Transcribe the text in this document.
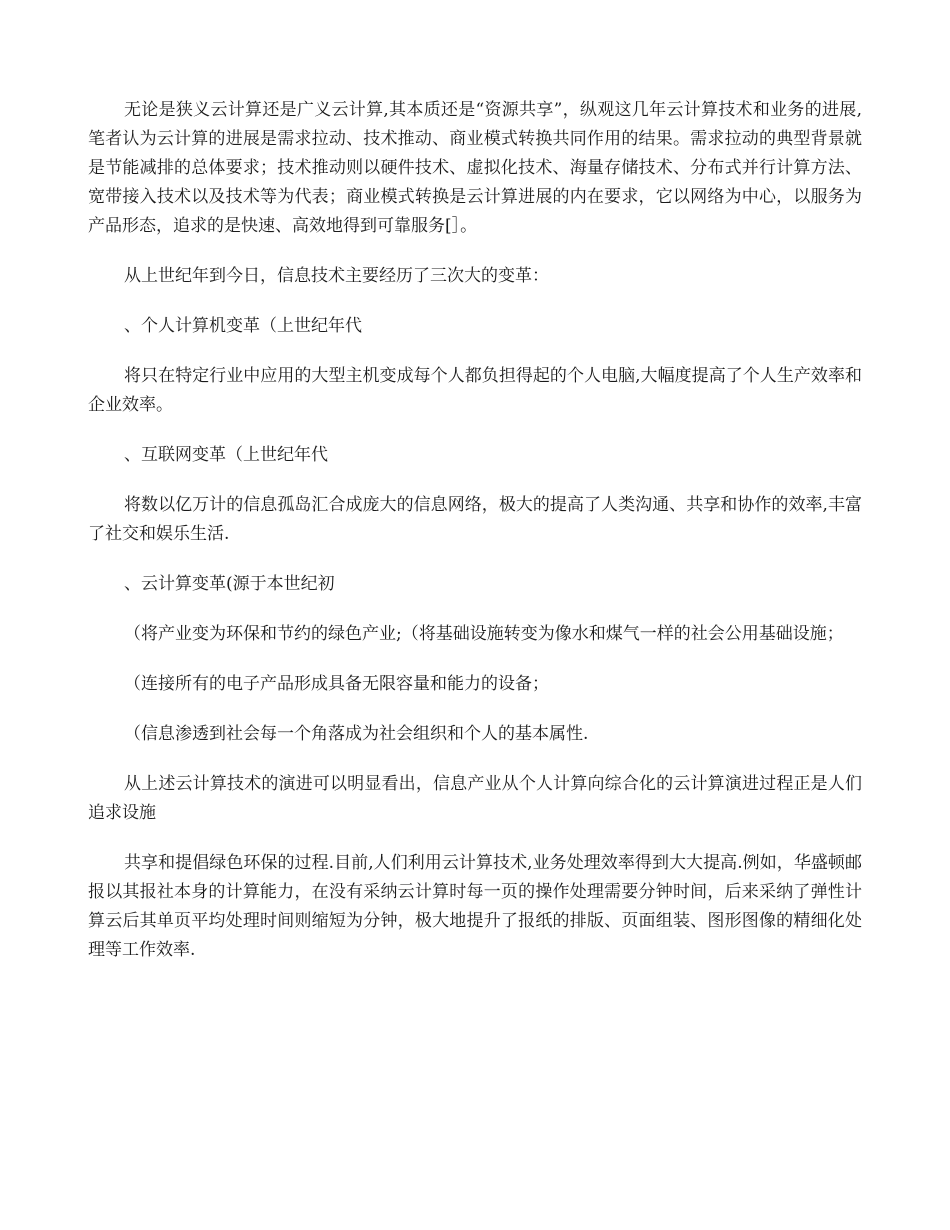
无论是狭义云计算还是广义云计算,其本质还是“资源共享”，纵观这几年云计算技术和业务的进展,笔者认为云计算的进展是需求拉动、技术推动、商业模式转换共同作用的结果。需求拉动的典型背景就是节能减排的总体要求；技术推动则以硬件技术、虚拟化技术、海量存储技术、分布式并行计算方法、宽带接入技术以及技术等为代表；商业模式转换是云计算进展的内在要求，它以网络为中心，以服务为产品形态，追求的是快速、高效地得到可靠服务[］。

从上世纪年到今日，信息技术主要经历了三次大的变革：

、个人计算机变革（上世纪年代

将只在特定行业中应用的大型主机变成每个人都负担得起的个人电脑,大幅度提高了个人生产效率和企业效率。

、互联网变革（上世纪年代

将数以亿万计的信息孤岛汇合成庞大的信息网络，极大的提高了人类沟通、共享和协作的效率,丰富了社交和娱乐生活.

、云计算变革(源于本世纪初

（将产业变为环保和节约的绿色产业;（将基础设施转变为像水和煤气一样的社会公用基础设施；

（连接所有的电子产品形成具备无限容量和能力的设备；

（信息渗透到社会每一个角落成为社会组织和个人的基本属性.

从上述云计算技术的演进可以明显看出，信息产业从个人计算向综合化的云计算演进过程正是人们追求设施

共享和提倡绿色环保的过程.目前,人们利用云计算技术,业务处理效率得到大大提高.例如，华盛顿邮报以其报社本身的计算能力，在没有采纳云计算时每一页的操作处理需要分钟时间，后来采纳了弹性计算云后其单页平均处理时间则缩短为分钟，极大地提升了报纸的排版、页面组装、图形图像的精细化处理等工作效率.
